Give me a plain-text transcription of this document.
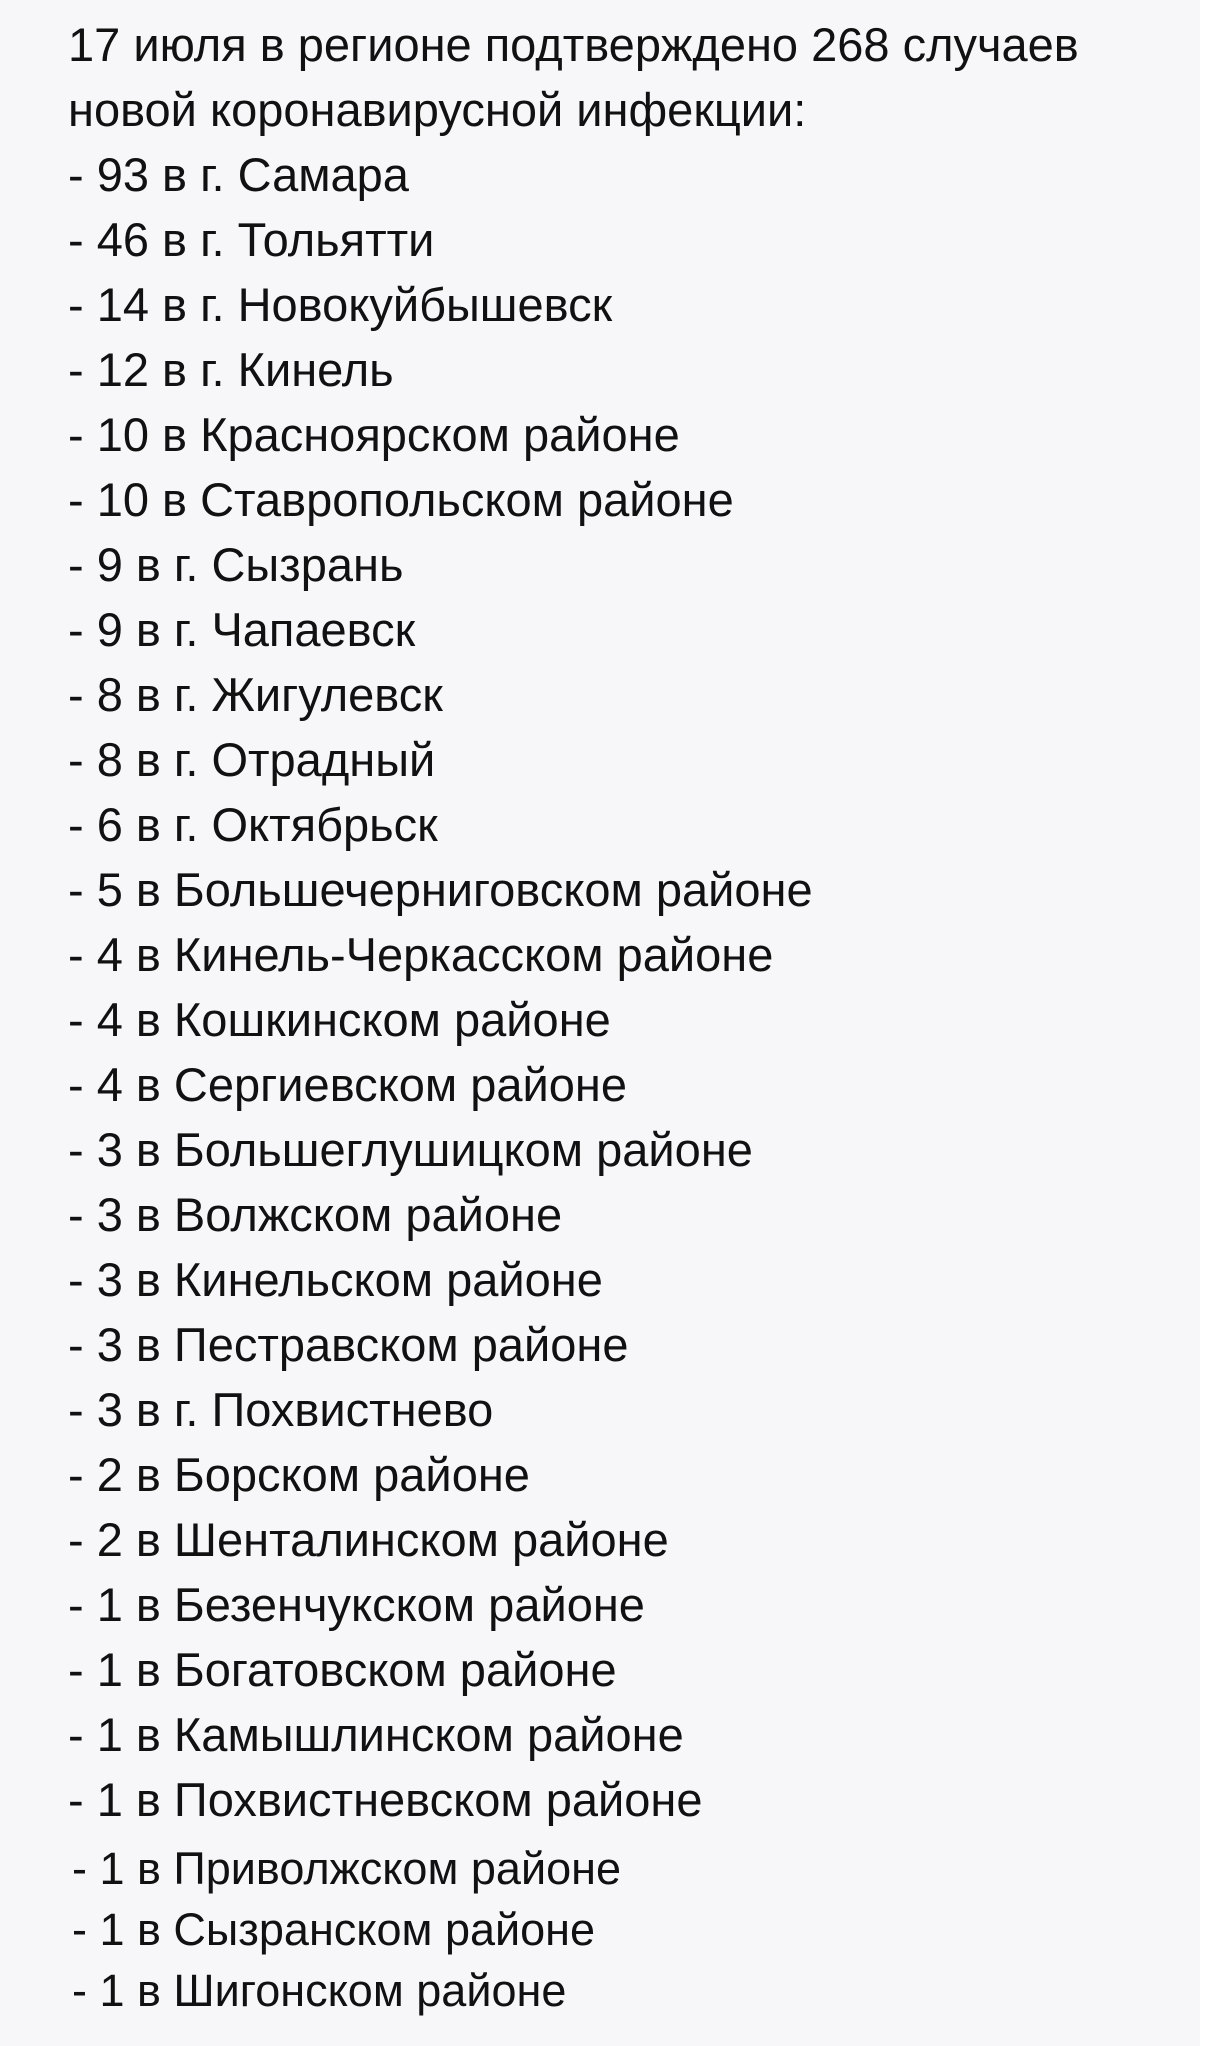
17 июля в регионе подтверждено 268 случаев

новой коронавирусной инфекции:

- 93 в г. Самара

- 46 в г. Тольятти

- 14 в г. Новокуйбышевск

- 12 в г. Кинель

- 10 в Красноярском районе

- 10 в Ставропольском районе

- 9 в г. Сызрань

- 9 в г. Чапаевск

- 8 в г. Жигулевск

- 8 в г. Отрадный

- 6 в г. Октябрьск

- 5 в Большечерниговском районе

- 4 в Кинель-Черкасском районе

- 4 в Кошкинском районе

- 4 в Сергиевском районе

- 3 в Большеглушицком районе

- 3 в Волжском районе

- 3 в Кинельском районе

- 3 в Пестравском районе

- 3 в г. Похвистнево

- 2 в Борском районе

- 2 в Шенталинском районе

- 1 в Безенчукском районе

- 1 в Богатовском районе

- 1 в Камышлинском районе

- 1 в Похвистневском районе

- 1 в Приволжском районе

- 1 в Сызранском районе

- 1 в Шигонском районе
